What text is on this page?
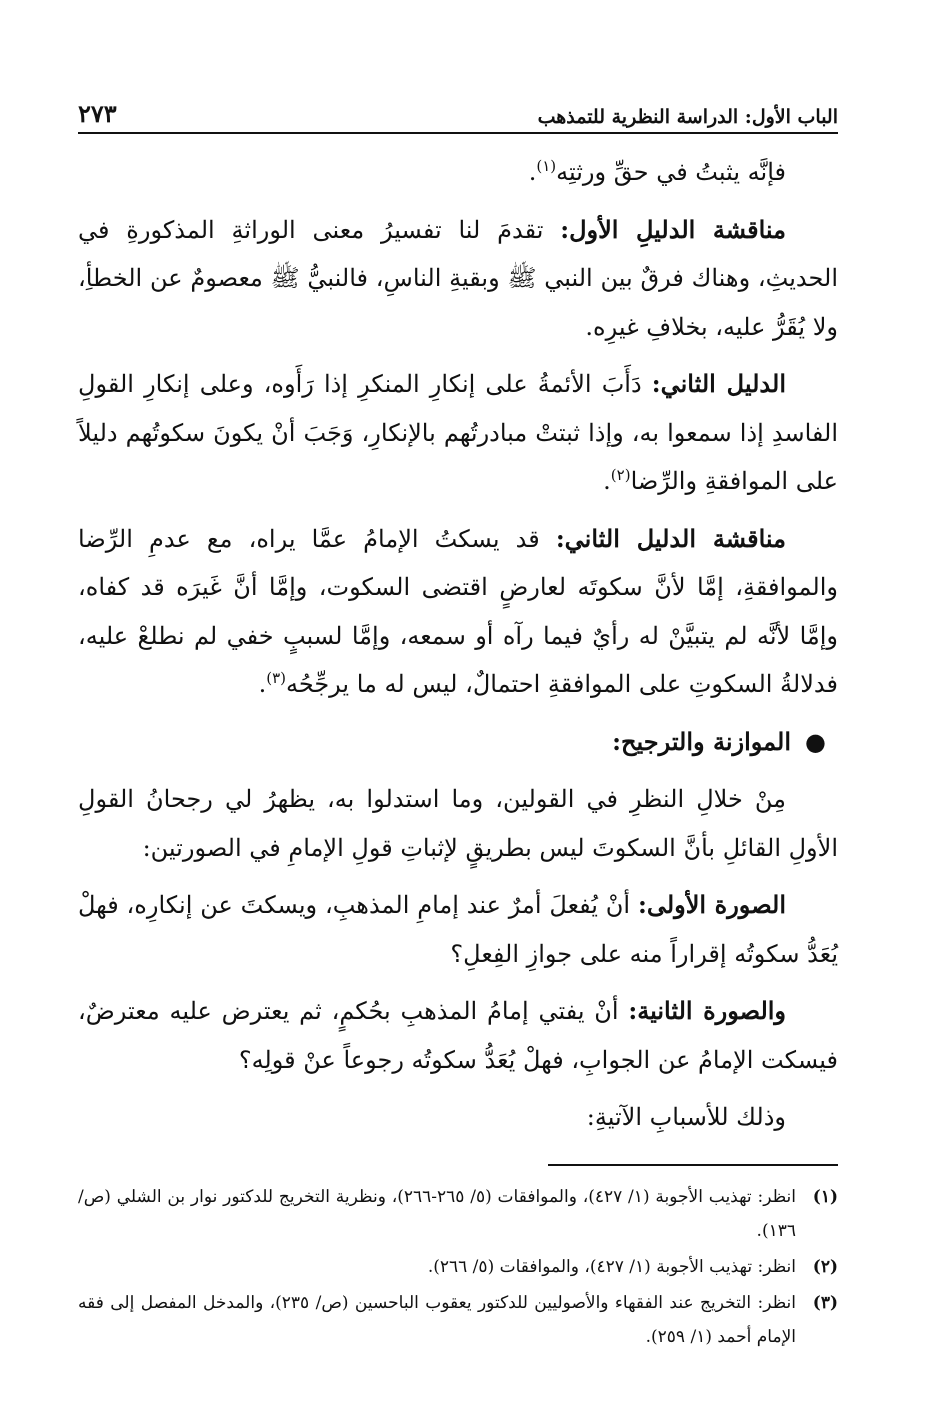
الباب الأول: الدراسة النظرية للتمذهب
٢٧٣

فإنَّه يثبتُ في حقِّ ورثتِه$^{(١)}$.

مناقشة الدليلِ الأول: تقدمَ لنا تفسيرُ معنى الوراثةِ المذكورةِ في الحديثِ، وهناك فرقٌ بين النبي ﷺ وبقيةِ الناسِ، فالنبيُّ ﷺ معصومٌ عن الخطأِ، ولا يُقَرُّ عليه، بخلافِ غيرِه.

الدليل الثاني: دَأَبَ الأئمةُ على إنكارِ المنكرِ إذا رَأَوه، وعلى إنكارِ القولِ الفاسدِ إذا سمعوا به، وإذا ثبتتْ مبادرتُهم بالإنكارِ، وَجَبَ أنْ يكونَ سكوتُهم دليلاً على الموافقةِ والرِّضا$^{(٢)}$.

مناقشة الدليل الثاني: قد يسكتُ الإمامُ عمَّا يراه، مع عدمِ الرِّضا والموافقةِ، إمَّا لأنَّ سكوتَه لعارضٍ اقتضى السكوت، وإمَّا أنَّ غَيرَه قد كفاه، وإمَّا لأنَّه لم يتبيَّنْ له رأيٌ فيما رآه أو سمعه، وإمَّا لسببٍ خفي لم نطلعْ عليه، فدلالةُ السكوتِ على الموافقةِ احتمالٌ، ليس له ما يرجِّحُه$^{(٣)}$.

●الموازنة والترجيح:

مِنْ خلالِ النظرِ في القولين، وما استدلوا به، يظهرُ لي رجحانُ القولِ الأولِ القائلِ بأنَّ السكوتَ ليس بطريقٍ لإثباتِ قولِ الإمامِ في الصورتين:

الصورة الأولى: أنْ يُفعلَ أمرٌ عند إمامِ المذهبِ، ويسكتَ عن إنكارِه، فهلْ يُعَدُّ سكوتُه إقراراً منه على جوازِ الفِعلِ؟

والصورة الثانية: أنْ يفتي إمامُ المذهبِ بحُكمٍ، ثم يعترض عليه معترضٌ، فيسكت الإمامُ عن الجوابِ، فهلْ يُعَدُّ سكوتُه رجوعاً عنْ قولِه؟

وذلك للأسبابِ الآتيةِ:

(١)
انظر: تهذيب الأجوبة (١/ ٤٢٧)، والموافقات (٥/ ٢٦٥-٢٦٦)، ونظرية التخريج للدكتور نوار بن الشلي (ص/ ١٣٦).
(٢)
انظر: تهذيب الأجوبة (١/ ٤٢٧)، والموافقات (٥/ ٢٦٦).
(٣)
انظر: التخريج عند الفقهاء والأصوليين للدكتور يعقوب الباحسين (ص/ ٢٣٥)، والمدخل المفصل إلى فقه الإمام أحمد (١/ ٢٥٩).
